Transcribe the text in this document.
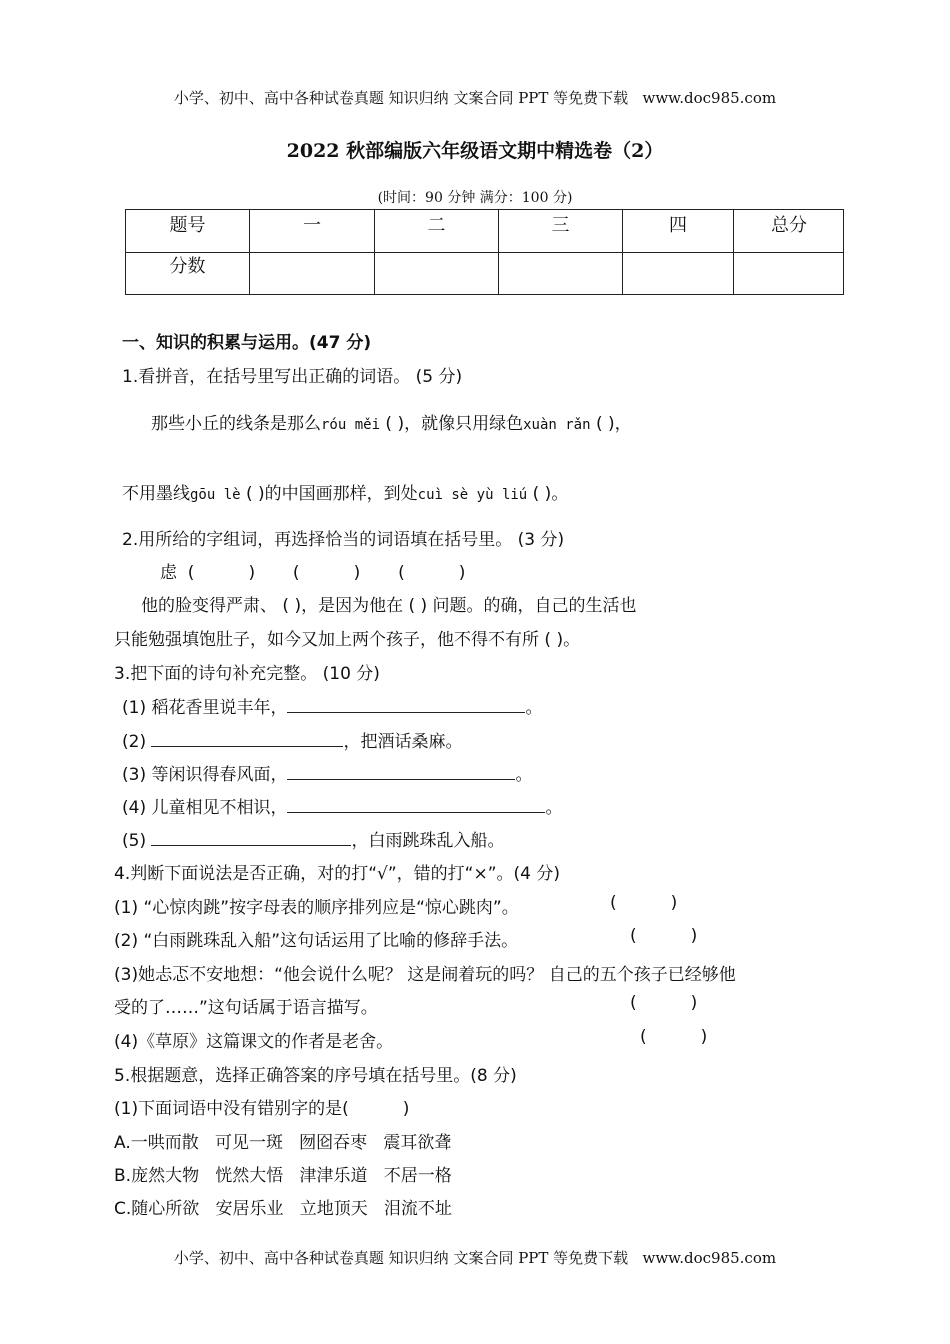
小学、初中、高中各种试卷真题 知识归纳 文案合同 PPT 等免费下载 www.doc985.com
2022 秋部编版六年级语文期中精选卷（2）
(时间：90 分钟 满分：100 分)
题号	一	二	三	四	总分
分数
一、知识的积累与运用。(47 分)
1.看拼音，在括号里写出正确的词语。 (5 分)
那些小丘的线条是那么róu měi ( )，就像只用绿色xuàn rǎn ( )，
不用墨线gōu lè ( )的中国画那样，到处cuì sè yù liú ( )。
2.用所给的字组词，再选择恰当的词语填在括号里。 (3 分)
虑  (          )       (          )       (          )
他的脸变得严肃、 ( )，是因为他在 ( ) 问题。的确，自己的生活也
只能勉强填饱肚子，如今又加上两个孩子，他不得不有所 ( )。
3.把下面的诗句补充完整。 (10 分)
(1) 稻花香里说丰年，	。
(2)	，把酒话桑麻。
(3) 等闲识得春风面，	。
(4) 儿童相见不相识，	。
(5)	，白雨跳珠乱入船。
4.判断下面说法是否正确，对的打“√”，错的打“×”。(4 分)
(1) “心惊肉跳”按字母表的顺序排列应是“惊心跳肉”。	(          )
(2) “白雨跳珠乱入船”这句话运用了比喻的修辞手法。	(          )
(3)她忐忑不安地想：“他会说什么呢？ 这是闹着玩的吗？ 自己的五个孩子已经够他
受的了……”这句话属于语言描写。	(          )
(4)《草原》这篇课文的作者是老舍。	(          )
5.根据题意，选择正确答案的序号填在括号里。(8 分)
(1)下面词语中没有错别字的是(          )
A.一哄而散   可见一斑   囫囵吞枣   震耳欲聋
B.庞然大物   恍然大悟   津津乐道   不居一格
C.随心所欲   安居乐业   立地顶天   泪流不址
小学、初中、高中各种试卷真题 知识归纳 文案合同 PPT 等免费下载 www.doc985.com
